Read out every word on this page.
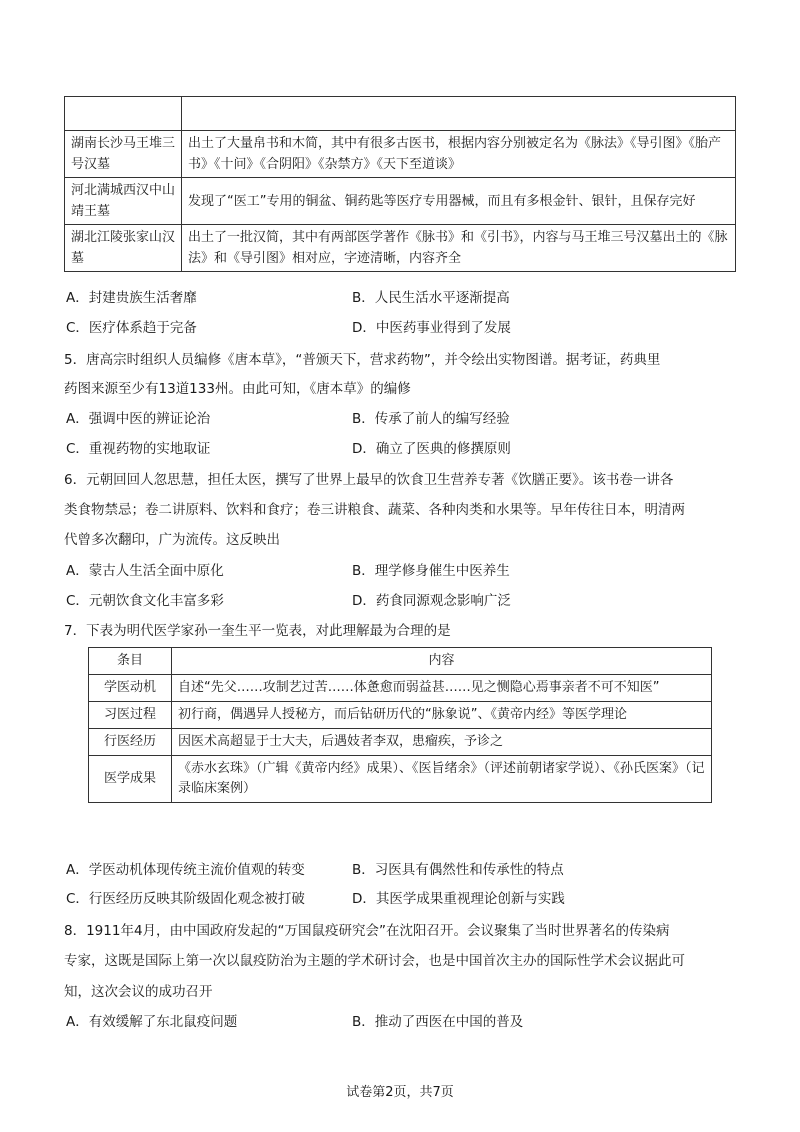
湖南长沙马王堆三号汉墓	出土了大量帛书和木简，其中有很多古医书，根据内容分别被定名为《脉法》《导引图》《胎产书》《十问》《合阴阳》《杂禁方》《天下至道谈》
河北满城西汉中山靖王墓	发现了“医工”专用的铜盆、铜药匙等医疗专用器械，而且有多根金针、银针，且保存完好
湖北江陵张家山汉墓	出土了一批汉简，其中有两部医学著作《脉书》和《引书》，内容与马王堆三号汉墓出土的《脉法》和《导引图》相对应，字迹清晰，内容齐全
A．封建贵族生活奢靡	B．人民生活水平逐渐提高
C．医疗体系趋于完备	D．中医药事业得到了发展
5．唐高宗时组织人员编修《唐本草》，“普颁天下，营求药物”，并令绘出实物图谱。据考证，药典里
药图来源至少有13道133州。由此可知，《唐本草》的编修
A．强调中医的辨证论治	B．传承了前人的编写经验
C．重视药物的实地取证	D．确立了医典的修撰原则
6．元朝回回人忽思慧，担任太医，撰写了世界上最早的饮食卫生营养专著《饮膳正要》。该书卷一讲各
类食物禁忌；卷二讲原料、饮料和食疗；卷三讲粮食、蔬菜、各种肉类和水果等。早年传往日本，明清两
代曾多次翻印，广为流传。这反映出
A．蒙古人生活全面中原化	B．理学修身催生中医养生
C．元朝饮食文化丰富多彩	D．药食同源观念影响广泛
7．下表为明代医学家孙一奎生平一览表，对此理解最为合理的是
条目	内容
学医动机	自述“先父……攻制艺过苦……体惫愈而弱益甚……见之恻隐心焉事亲者不可不知医”
习医过程	初行商，偶遇异人授秘方，而后钻研历代的“脉象说”、《黄帝内经》等医学理论
行医经历	因医术高超显于士大夫，后遇妓者李双，患瘤疾，予诊之
医学成果	《赤水玄珠》（广辑《黄帝内经》成果）、《医旨绪余》（评述前朝诸家学说）、《孙氏医案》（记录临床案例）
A．学医动机体现传统主流价值观的转变	B．习医具有偶然性和传承性的特点
C．行医经历反映其阶级固化观念被打破	D．其医学成果重视理论创新与实践
8．1911年4月，由中国政府发起的“万国鼠疫研究会”在沈阳召开。会议聚集了当时世界著名的传染病
专家，这既是国际上第一次以鼠疫防治为主题的学术研讨会，也是中国首次主办的国际性学术会议据此可
知，这次会议的成功召开
A．有效缓解了东北鼠疫问题	B．推动了西医在中国的普及
试卷第2页，共7页
